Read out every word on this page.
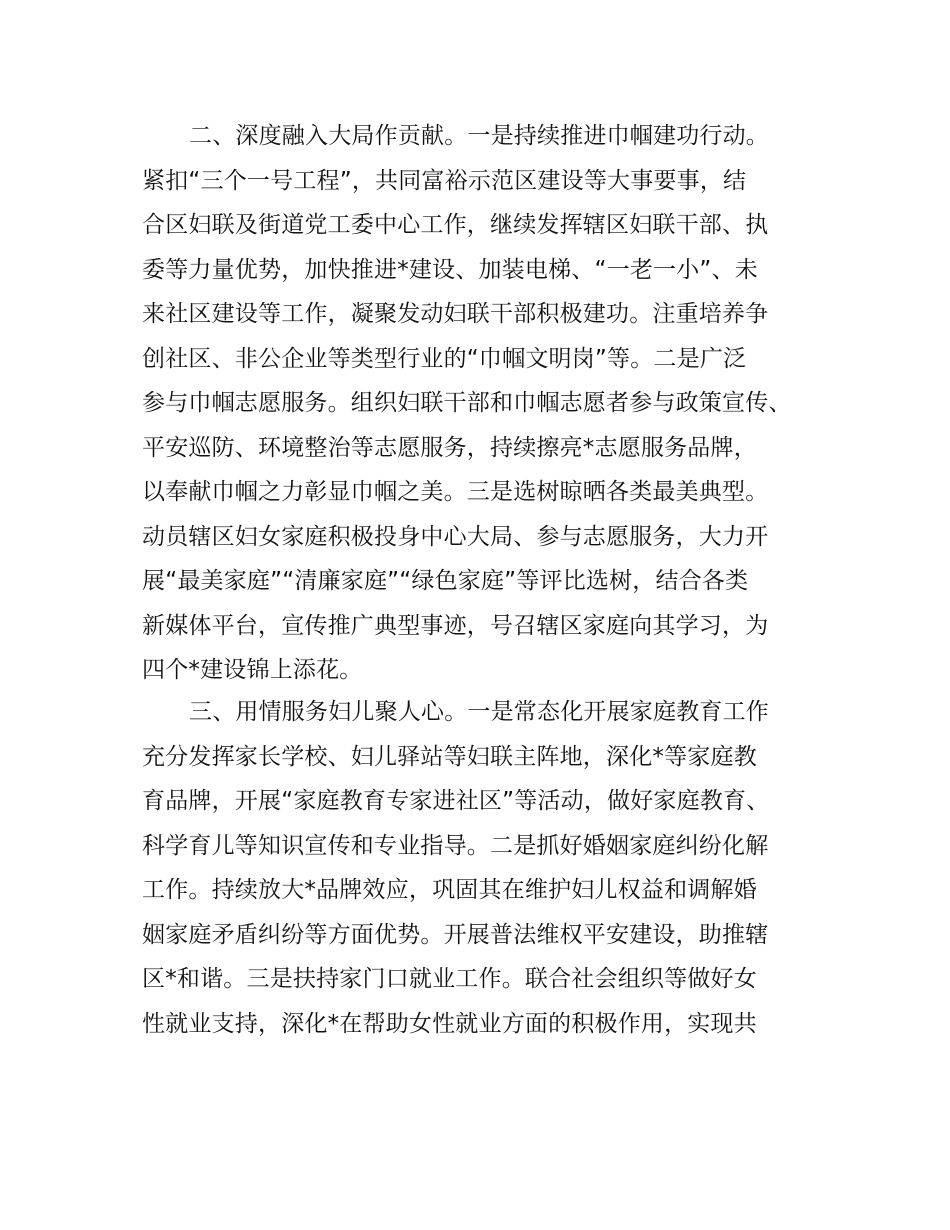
二、深度融入大局作贡献。一是持续推进巾帼建功行动。
紧扣“三个一号工程”，共同富裕示范区建设等大事要事，结
合区妇联及街道党工委中心工作，继续发挥辖区妇联干部、执
委等力量优势，加快推进*建设、加装电梯、“一老一小”、未
来社区建设等工作，凝聚发动妇联干部积极建功。注重培养争
创社区、非公企业等类型行业的“巾帼文明岗”等。二是广泛
参与巾帼志愿服务。组织妇联干部和巾帼志愿者参与政策宣传、
平安巡防、环境整治等志愿服务，持续擦亮*志愿服务品牌，
以奉献巾帼之力彰显巾帼之美。三是选树晾晒各类最美典型。
动员辖区妇女家庭积极投身中心大局、参与志愿服务，大力开
展“最美家庭”“清廉家庭”“绿色家庭”等评比选树，结合各类
新媒体平台，宣传推广典型事迹，号召辖区家庭向其学习，为
四个*建设锦上添花。
三、用情服务妇儿聚人心。一是常态化开展家庭教育工作
充分发挥家长学校、妇儿驿站等妇联主阵地，深化*等家庭教
育品牌，开展“家庭教育专家进社区”等活动，做好家庭教育、
科学育儿等知识宣传和专业指导。二是抓好婚姻家庭纠纷化解
工作。持续放大*品牌效应，巩固其在维护妇儿权益和调解婚
姻家庭矛盾纠纷等方面优势。开展普法维权平安建设，助推辖
区*和谐。三是扶持家门口就业工作。联合社会组织等做好女
性就业支持，深化*在帮助女性就业方面的积极作用，实现共
